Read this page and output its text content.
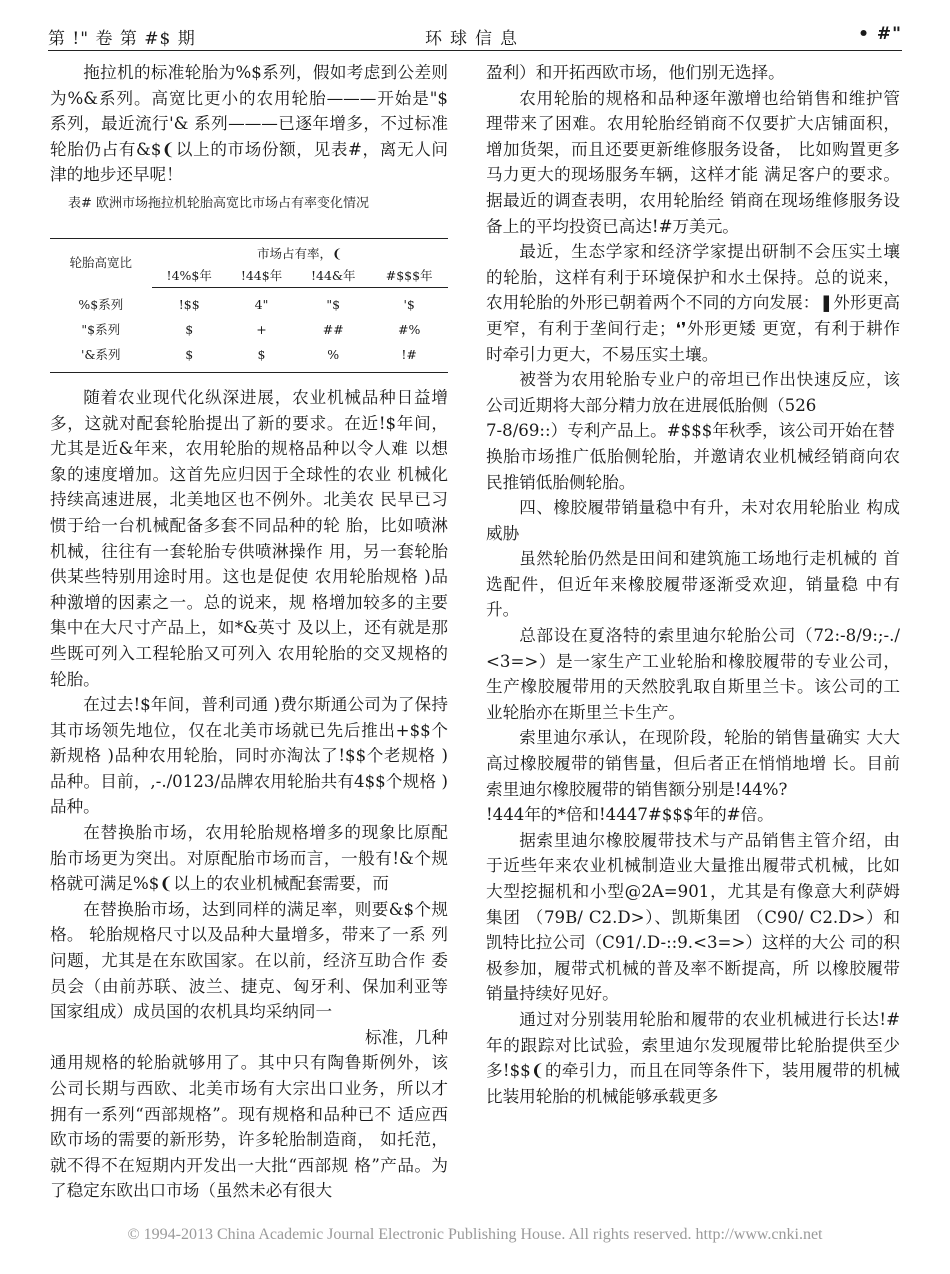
第 !" 卷 第 #$ 期	环球信息	• #"

拖拉机的标准轮胎为%$系列，假如考虑到公差则为%&系列。高宽比更小的农用轮胎———开始是"$ 系列，最近流行'& 系列———已逐年增多，不过标准 轮胎仍占有&$❨以上的市场份额，见表#，离无人问 津的地步还早呢！

表# 欧洲市场拖拉机轮胎高宽比市场占有率变化情况
轮胎高宽比	市场占有率，❨			
	!4%$年	!44$年	!44&年	#$$$年
%$系列	!$$	4"	"$	'$
"$系列	$	+	##	#%
'&系列	$	$	%	!#

随着农业现代化纵深进展，农业机械品种日益增多，这就对配套轮胎提出了新的要求。在近!$年间，尤其是近&年来，农用轮胎的规格品种以令人难 以想象的速度增加。这首先应归因于全球性的农业 机械化持续高速进展，北美地区也不例外。北美农 民早已习惯于给一台机械配备多套不同品种的轮 胎，比如喷淋机械，往往有一套轮胎专供喷淋操作 用，另一套轮胎供某些特别用途时用。这也是促使 农用轮胎规格 )品种激增的因素之一。总的说来，规 格增加较多的主要集中在大尺寸产品上，如*&英寸 及以上，还有就是那些既可列入工程轮胎又可列入 农用轮胎的交叉规格的轮胎。

在过去!$年间，普利司通 )费尔斯通公司为了保持其市场领先地位，仅在北美市场就已先后推出+$$个新规格 )品种农用轮胎，同时亦淘汰了!$$个老规格 )品种。目前，,-./0123/品牌农用轮胎共有4$$个规格 )品种。

在替换胎市场，农用轮胎规格增多的现象比原配胎市场更为突出。对原配胎市场而言，一般有!&个规格就可满足%$❨以上的农业机械配套需要，而

在替换胎市场，达到同样的满足率，则要&$个规格。 轮胎规格尺寸以及品种大量增多，带来了一系 列问题，尤其是在东欧国家。在以前，经济互助合作 委员会（由前苏联、波兰、捷克、匈牙利、保加利亚等 国家组成）成员国的农机具均采纳同一

标准，几种

通用规格的轮胎就够用了。其中只有陶鲁斯例外，该公司长期与西欧、北美市场有大宗出口业务，所以才拥有一系列“西部规格”。现有规格和品种已不 适应西欧市场的需要的新形势，许多轮胎制造商， 如托范，就不得不在短期内开发出一大批“西部规 格”产品。为了稳定东欧出口市场（虽然未必有很大

盈利）和开拓西欧市场，他们别无选择。

农用轮胎的规格和品种逐年激增也给销售和维护管理带来了困难。农用轮胎经销商不仅要扩大店铺面积，增加货架，而且还要更新维修服务设备， 比如购置更多马力更大的现场服务车辆，这样才能 满足客户的要求。据最近的调查表明，农用轮胎经 销商在现场维修服务设备上的平均投资已高达!#万美元。

最近，生态学家和经济学家提出研制不会压实土壤的轮胎，这样有利于环境保护和水土保持。总的说来，农用轮胎的外形已朝着两个不同的方向发展：❚外形更高更窄，有利于垄间行走；❛❜外形更矮 更宽，有利于耕作时牵引力更大，不易压实土壤。

被誉为农用轮胎专业户的帝坦已作出快速反应，该公司近期将大部分精力放在进展低胎侧（526

7-8/69::）专利产品上。#$$$年秋季，该公司开始在替

换胎市场推广低胎侧轮胎，并邀请农业机械经销商向农民推销低胎侧轮胎。

四、橡胶履带销量稳中有升，未对农用轮胎业 构成威胁

虽然轮胎仍然是田间和建筑施工场地行走机械的 首选配件，但近年来橡胶履带逐渐受欢迎，销量稳 中有升。

总部设在夏洛特的索里迪尔轮胎公司（72:-8/9:;-./ <3=>）是一家生产工业轮胎和橡胶履带的专业公司，生产橡胶履带用的天然胶乳取自斯里兰卡。该公司的工业轮胎亦在斯里兰卡生产。

索里迪尔承认，在现阶段，轮胎的销售量确实 大大高过橡胶履带的销售量，但后者正在悄悄地增 长。目前索里迪尔橡胶履带的销售额分别是!44%?

!444年的*倍和!4447#$$$年的#倍。

据索里迪尔橡胶履带技术与产品销售主管介绍，由于近些年来农业机械制造业大量推出履带式机械，比如大型挖掘机和小型@2A=901，尤其是有像意大利萨姆集团 （79B/ C2.D>）、凯斯集团 （C90/ C2.D>）和凯特比拉公司（C91/.D-::9.<3=>）这样的大公 司的积极参加，履带式机械的普及率不断提高，所 以橡胶履带销量持续好见好。

通过对分别装用轮胎和履带的农业机械进行长达!#年的跟踪对比试验，索里迪尔发现履带比轮胎提供至少多!$$❨的牵引力，而且在同等条件下，装用履带的机械比装用轮胎的机械能够承载更多

© 1994-2013 China Academic Journal Electronic Publishing House. All rights reserved. http://www.cnki.net
